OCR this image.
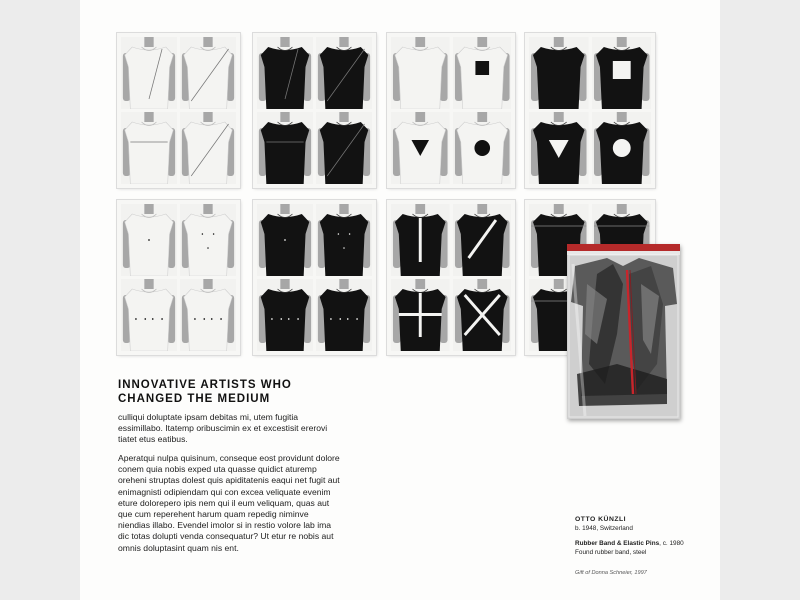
INNOVATIVE ARTISTS WHO
CHANGED THE MEDIUM
culliqui doluptate ipsam debitas mi, utem fugitia essimillabo. Itatemp oribuscimin ex et excestisit ererovi tiatet etus eatibus.
Aperatqui nulpa quisinum, conseque eost providunt dolore conem quia nobis exped uta quasse quidict aturemp oreheni struptas dolest quis apiditatenis eaqui net fugit aut enimagnisti odipiendam qui con excea veliquate evenim eture dolorepero ipis nem qui il eum veliquam, quas aut que cum reperehent harum quam repedig niminve niendias illabo. Evendel imolor si in restio volore lab ima dic totas dolupti venda consequatur? Ut etur re nobis aut omnis doluptasint quam nis ent.
OTTO KÜNZLI
b. 1948, Switzerland
Rubber Band & Elastic Pins, c. 1980
Found rubber band, steel
Gift of Donna Schneier, 1997
